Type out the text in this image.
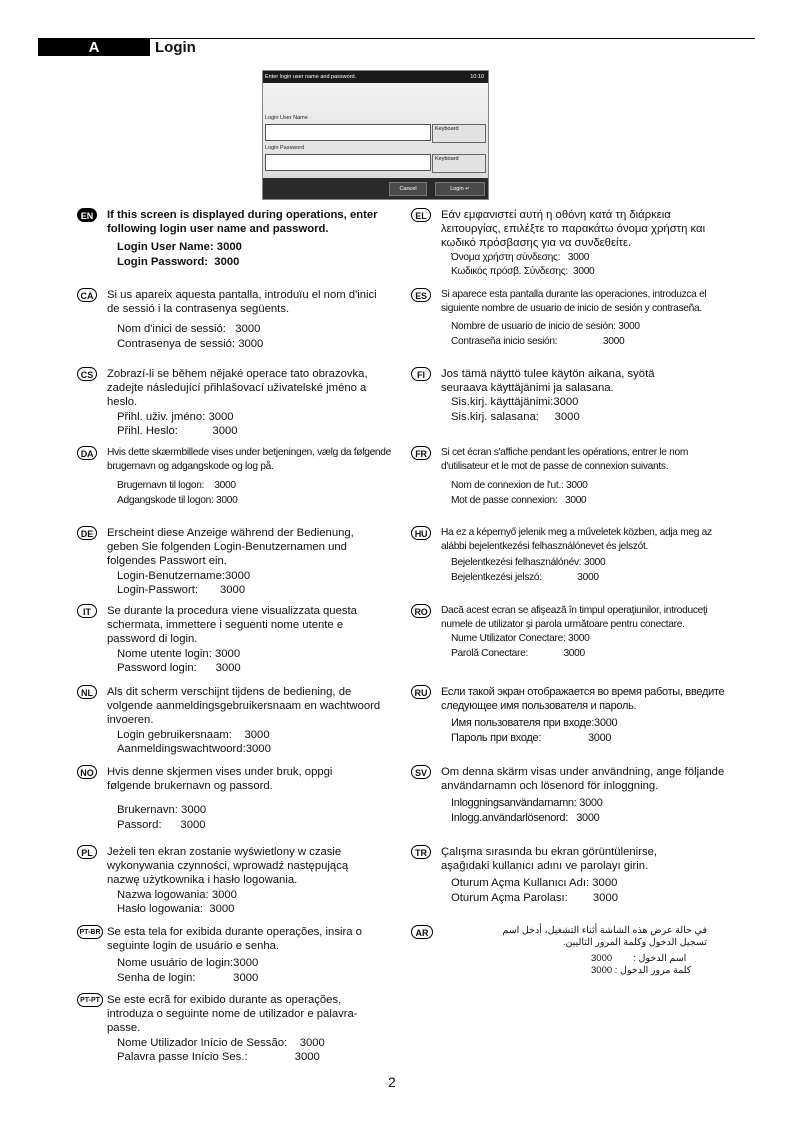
A	Login
Enter login user name and password.	10:10
Login User Name
Keyboard
Login Password
Keyboard
Cancel	Login ↵
EN	If this screen is displayed during operations, enter following login user name and password.
Login User Name: 3000
Login Password:  3000
CA	Si us apareix aquesta pantalla, introduïu el nom d'inici de sessió i la contrasenya següents.
Nom d'inici de sessió:   3000
Contrasenya de sessió: 3000
CS	Zobrazí-li se během nějaké operace tato obrazovka, zadejte následující přihlašovací uživatelské jméno a heslo.
Přihl. uživ. jméno: 3000
Přihl. Heslo:           3000
DA	Hvis dette skærmbillede vises under betjeningen, vælg da følgende brugernavn og adgangskode og log på.
Brugernavn til logon:    3000
Adgangskode til logon: 3000
DE	Erscheint diese Anzeige während der Bedienung, geben Sie folgenden Login-Benutzernamen und folgendes Passwort ein.
Login-Benutzername:3000
Login-Passwort:       3000
IT	Se durante la procedura viene visualizzata questa schermata, immettere i seguenti nome utente e password di login.
Nome utente login: 3000
Password login:      3000
NL	Als dit scherm verschijnt tijdens de bediening, de volgende aanmeldingsgebruikersnaam en wachtwoord invoeren.
Login gebruikersnaam:    3000
Aanmeldingswachtwoord:3000
NO Hvis denne skjermen vises under bruk, oppgi følgende brukernavn og passord.
Brukernavn: 3000
Passord:      3000
PL	Jeżeli ten ekran zostanie wyświetlony w czasie wykonywania czynności, wprowadź następującą nazwę użytkownika i hasło logowania.
Nazwa logowania: 3000
Hasło logowania:  3000
PT-BR Se esta tela for exibida durante operações, insira o seguinte login de usuário e senha.
Nome usuário de login:3000
Senha de login:            3000
PT-PT Se este ecrã for exibido durante as operações, introduza o seguinte nome de utilizador e palavra-passe.
Nome Utilizador Início de Sessão:    3000
Palavra passe Início Ses.:               3000
EL	Εάν εμφανιστεί αυτή η οθόνη κατά τη διάρκεια λειτουργίας, επιλέξτε το παρακάτω όνομα χρήστη και κωδικό πρόσβασης για να συνδεθείτε.
Όνομα χρήστη σύνδεσης:   3000
Κωδικός πρόσβ. Σύνδεσης:  3000
ES	Si aparece esta pantalla durante las operaciones, introduzca el siguiente nombre de usuario de inicio de sesión y contraseña.
Nombre de usuario de inicio de sesión: 3000
Contraseña inicio sesión:                  3000
FI	Jos tämä näyttö tulee käytön aikana, syötä seuraava käyttäjänimi ja salasana.
Sis.kirj. käyttäjänimi:3000
Sis.kirj. salasana:     3000
FR	Si cet écran s'affiche pendant les opérations, entrer le nom d'utilisateur et le mot de passe de connexion suivants.
Nom de connexion de l'ut.: 3000
Mot de passe connexion:   3000
HU	Ha ez a képernyő jelenik meg a műveletek közben, adja meg az alábbi bejelentkezési felhasználónevet és jelszót.
Bejelentkezési felhasználónév: 3000
Bejelentkezési jelszó:              3000
RO	Dacă acest ecran se afişează în timpul operaţiunilor, introduceţi numele de utilizator şi parola următoare pentru conectare.
Nume Utilizator Conectare: 3000
Parolă Conectare:              3000
RU	Если такой экран отображается во время работы, введите следующее имя пользователя и пароль.
Имя пользователя при входе:3000
Пароль при входе:                 3000
SV	Om denna skärm visas under användning, ange följande användarnamn och lösenord för inloggning.
Inloggningsanvändarnamn: 3000
Inlogg.användarlösenord:   3000
TR	Çalışma sırasında bu ekran görüntülenirse, aşağıdaki kullanıcı adını ve parolayı girin.
Oturum Açma Kullanıcı Adı: 3000
Oturum Açma Parolası:        3000
AR	في حالة عرض هذه الشاشة أثناء التشغيل، أدخل اسم تسجيل الدخول وكلمة المرور التاليين.
اسم الدخول :        3000
كلمة مرور الدخول : 3000
2
